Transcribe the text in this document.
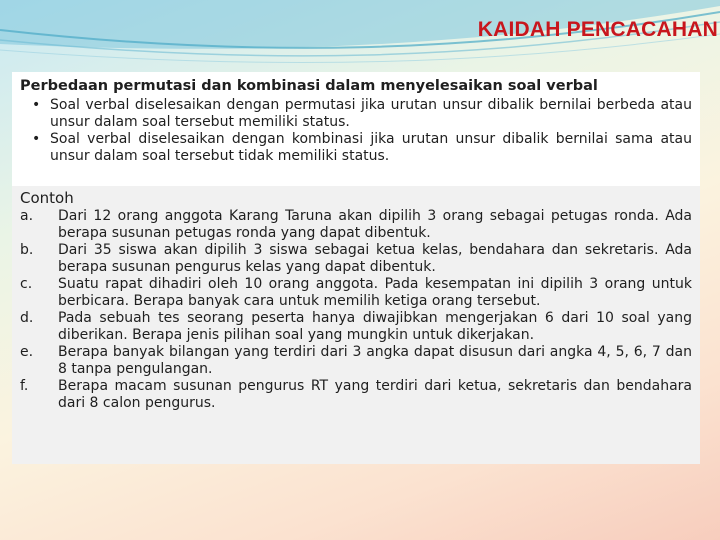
KAIDAH PENCACAHAN
Perbedaan permutasi dan kombinasi dalam menyelesaikan soal verbal
• Soal verbal diselesaikan dengan permutasi jika urutan unsur dibalik bernilai berbeda atau unsur dalam soal tersebut memiliki status.
• Soal verbal diselesaikan dengan kombinasi jika urutan unsur dibalik bernilai sama atau unsur dalam soal tersebut tidak memiliki status.
Contoh
a. Dari 12 orang anggota Karang Taruna akan dipilih 3 orang sebagai petugas ronda. Ada berapa susunan petugas ronda yang dapat dibentuk.
b. Dari 35 siswa akan dipilih 3 siswa sebagai ketua kelas, bendahara dan sekretaris. Ada berapa susunan pengurus kelas yang dapat dibentuk.
c. Suatu rapat dihadiri oleh 10 orang anggota. Pada kesempatan ini dipilih 3 orang untuk berbicara. Berapa banyak cara untuk memilih ketiga orang tersebut.
d. Pada sebuah tes seorang peserta hanya diwajibkan mengerjakan 6 dari 10 soal yang diberikan. Berapa jenis pilihan soal yang mungkin untuk dikerjakan.
e. Berapa banyak bilangan yang terdiri dari 3 angka dapat disusun dari angka 4, 5, 6, 7 dan 8 tanpa pengulangan.
f. Berapa macam susunan pengurus RT yang terdiri dari ketua, sekretaris dan bendahara dari 8 calon pengurus.
